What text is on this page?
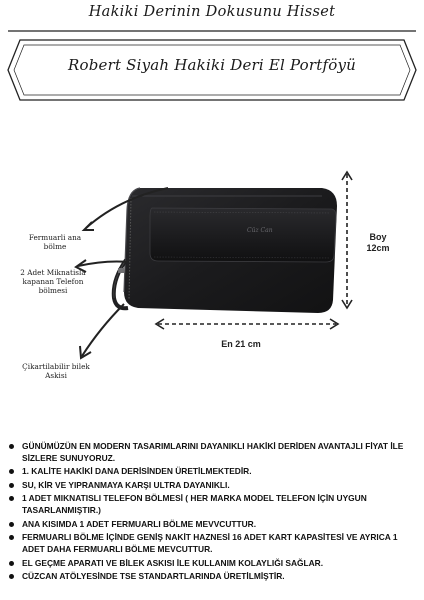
Hakiki Derinin Dokusunu Hisset
Robert Siyah Hakiki Deri El Portföyü
Cüz Can
Fermuarli ana
bölme
2 Adet Miknatisla
kapanan Telefon
bölmesi
Çikartilabilir bilek
Askisi
Boy
12cm
En 21 cm
GÜNÜMÜZÜN EN MODERN TASARIMLARINI DAYANIKLI HAKİKİ DERİDEN AVANTAJLI FİYAT İLE SİZLERE SUNUYORUZ.
1. KALİTE HAKİKİ DANA DERİSİNDEN ÜRETİLMEKTEDİR.
SU, KİR VE YIPRANMAYA KARŞI ULTRA DAYANIKLI.
1 ADET MIKNATISLI TELEFON BÖLMESİ ( HER MARKA MODEL TELEFON İÇİN UYGUN TASARLANMIŞTIR.)
ANA KISIMDA 1 ADET FERMUARLI BÖLME MEVVCUTTUR.
FERMUARLI BÖLME İÇİNDE GENİŞ NAKİT HAZNESİ 16 ADET KART KAPASİTESİ VE AYRICA 1 ADET DAHA FERMUARLI BÖLME MEVCUTTUR.
EL GEÇME APARATI VE BİLEK ASKISI İLE KULLANIM KOLAYLIĞI SAĞLAR.
CÜZCAN ATÖLYESİNDE TSE STANDARTLARINDA ÜRETİLMİŞTİR.
